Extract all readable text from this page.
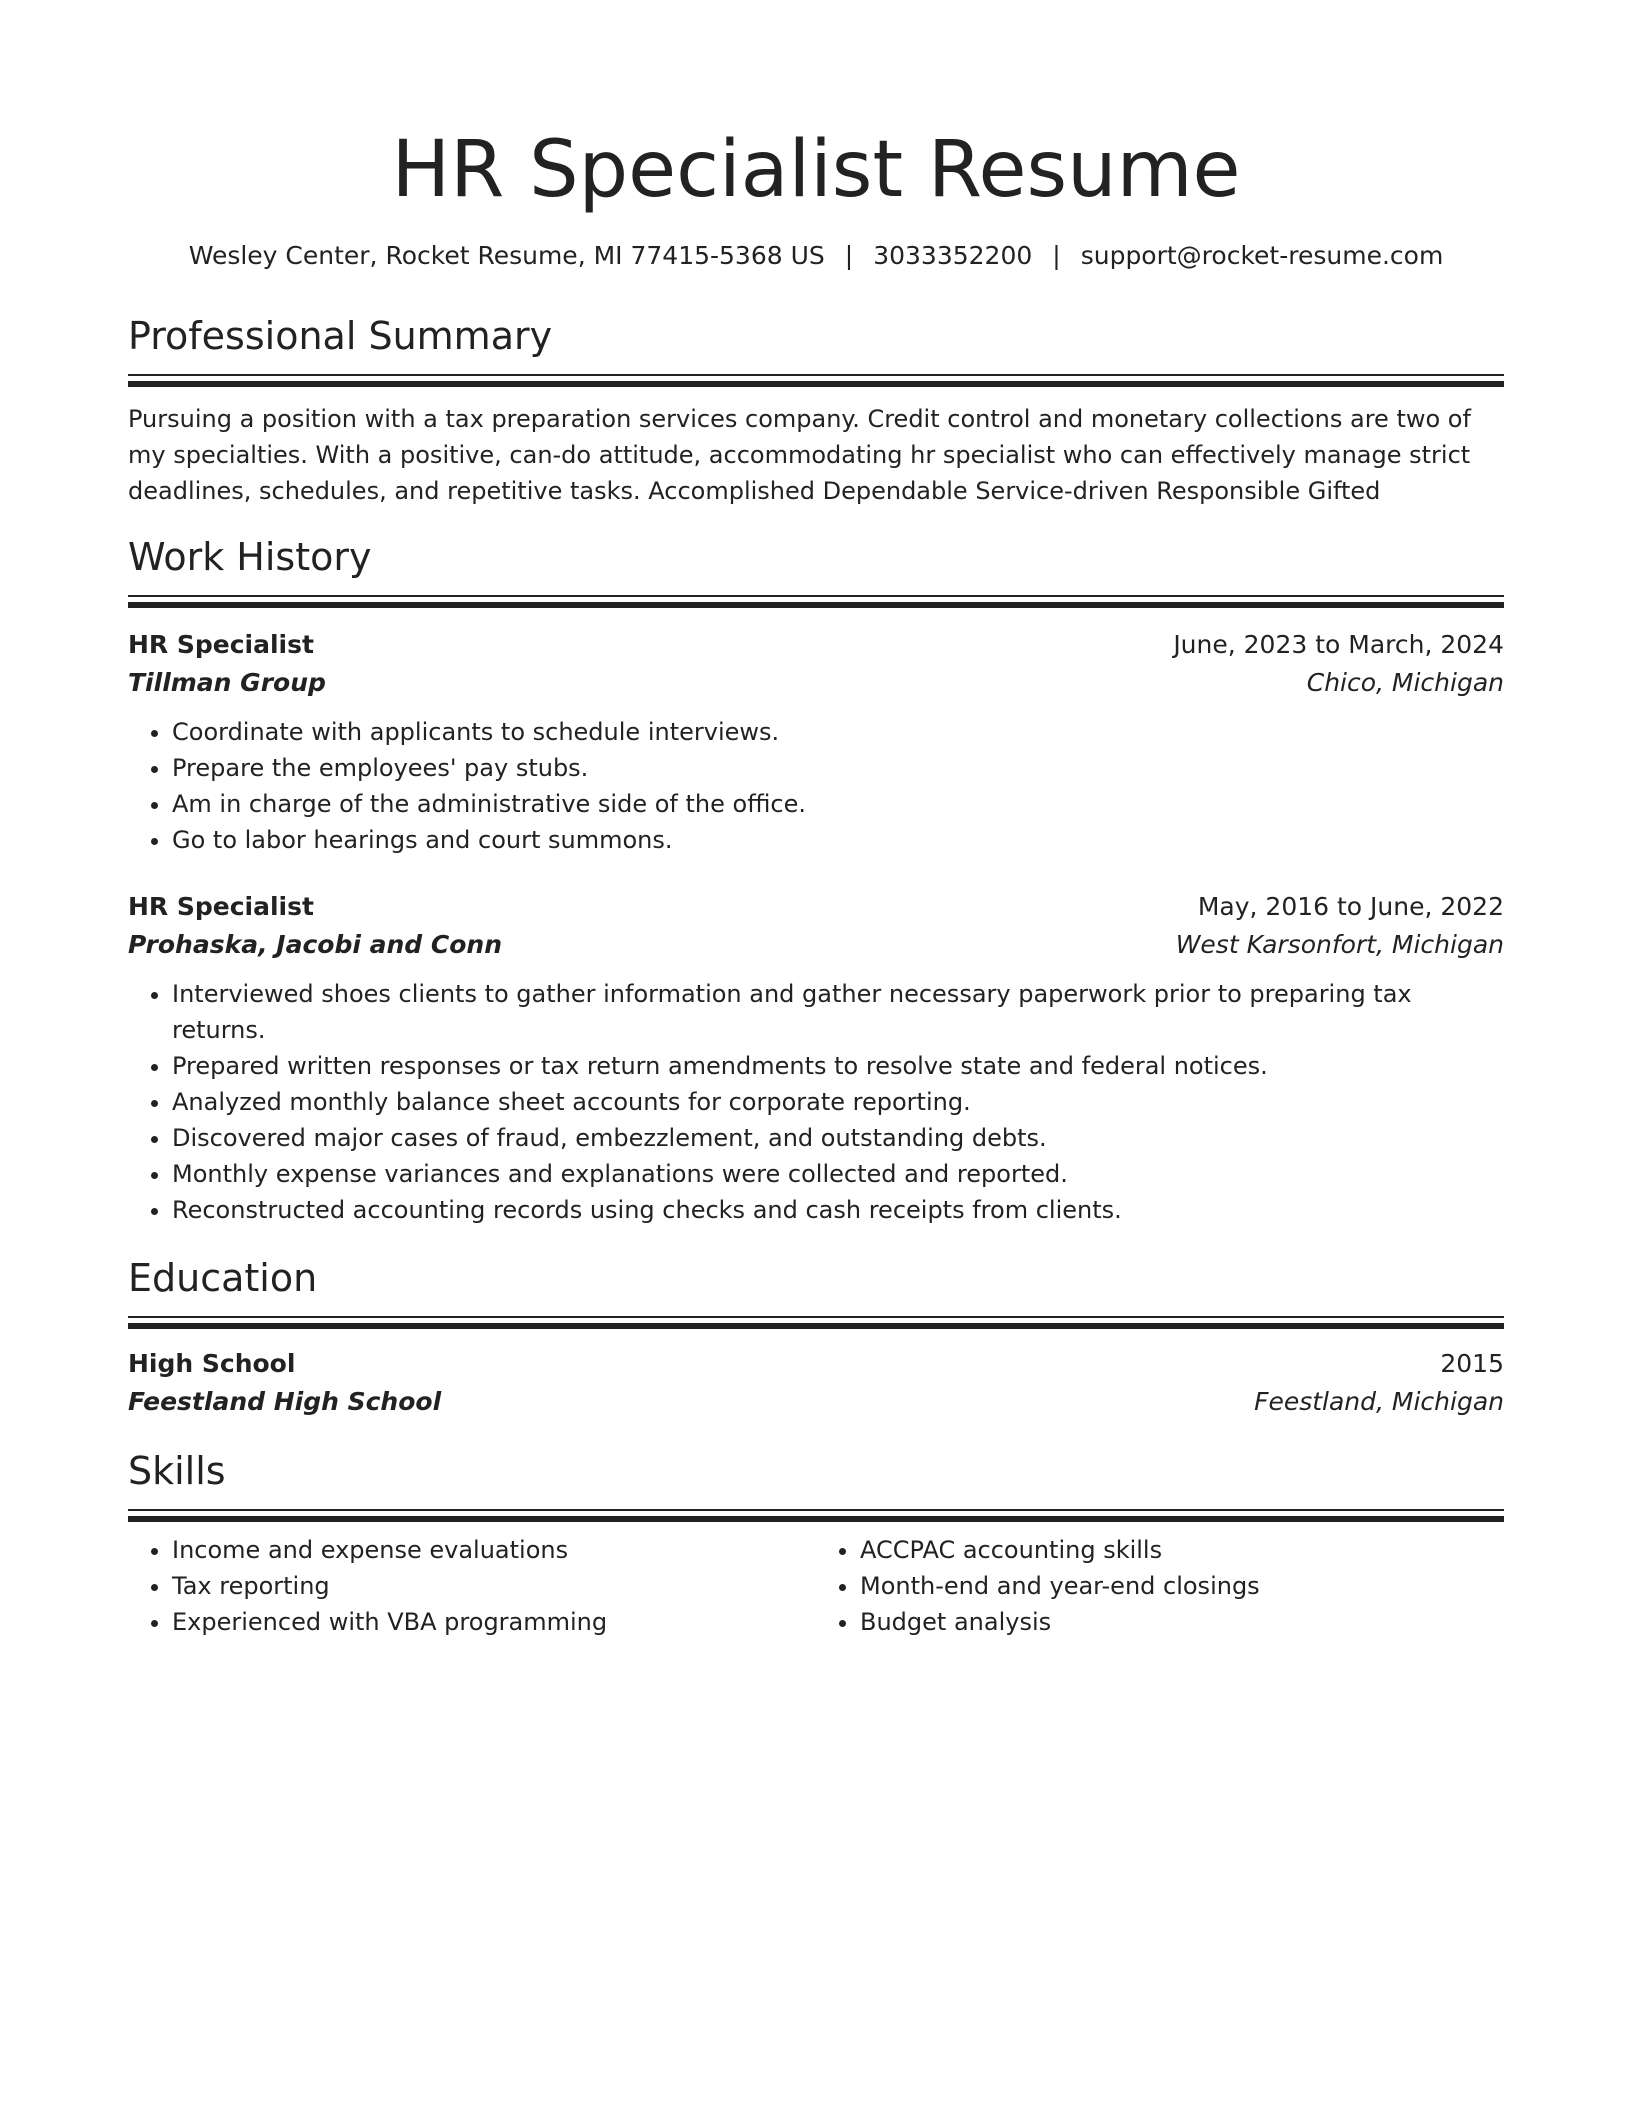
HR Specialist Resume
Wesley Center, Rocket Resume, MI 77415-5368 US | 3033352200 | support@rocket-resume.com
Professional Summary
Pursuing a position with a tax preparation services company. Credit control and monetary collections are two of my specialties. With a positive, can-do attitude, accommodating hr specialist who can effectively manage strict deadlines, schedules, and repetitive tasks. Accomplished Dependable Service-driven Responsible Gifted
Work History
HR Specialist	June, 2023 to March, 2024
Tillman Group	Chico, Michigan
• Coordinate with applicants to schedule interviews.
• Prepare the employees' pay stubs.
• Am in charge of the administrative side of the office.
• Go to labor hearings and court summons.
HR Specialist	May, 2016 to June, 2022
Prohaska, Jacobi and Conn	West Karsonfort, Michigan
• Interviewed shoes clients to gather information and gather necessary paperwork prior to preparing tax returns.
• Prepared written responses or tax return amendments to resolve state and federal notices.
• Analyzed monthly balance sheet accounts for corporate reporting.
• Discovered major cases of fraud, embezzlement, and outstanding debts.
• Monthly expense variances and explanations were collected and reported.
• Reconstructed accounting records using checks and cash receipts from clients.
Education
High School	2015
Feestland High School	Feestland, Michigan
Skills
• Income and expense evaluations
• Tax reporting
• Experienced with VBA programming
• ACCPAC accounting skills
• Month-end and year-end closings
• Budget analysis
